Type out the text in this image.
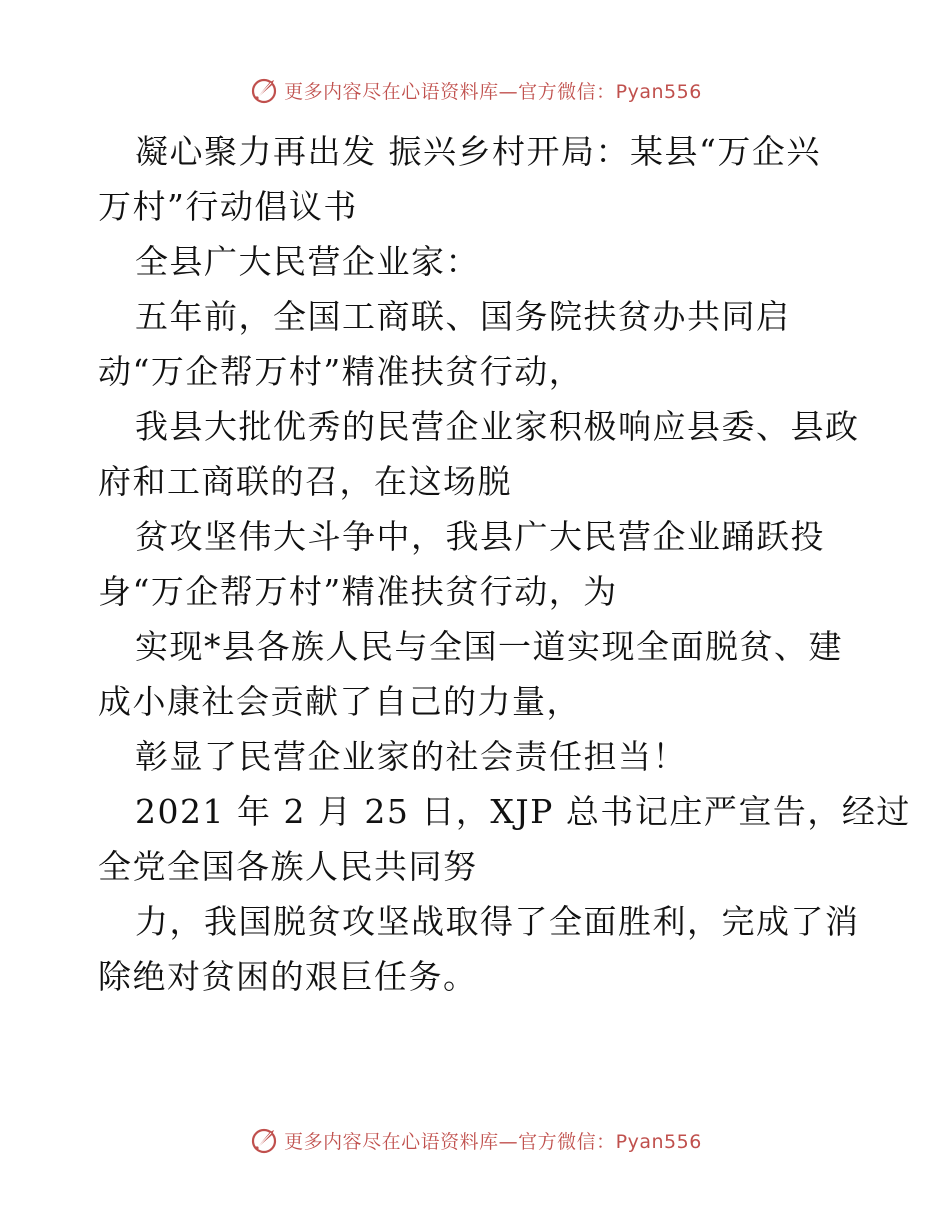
更多内容尽在心语资料库—官方微信：Pyan556
凝心聚力再出发 振兴乡村开局：某县“万企兴
万村”行动倡议书
全县广大民营企业家：
五年前，全国工商联、国务院扶贫办共同启
动“万企帮万村”精准扶贫行动，
我县大批优秀的民营企业家积极响应县委、县政
府和工商联的召，在这场脱
贫攻坚伟大斗争中，我县广大民营企业踊跃投
身“万企帮万村”精准扶贫行动，为
实现*县各族人民与全国一道实现全面脱贫、建
成小康社会贡献了自己的力量，
彰显了民营企业家的社会责任担当！
2021 年 2 月 25 日，XJP 总书记庄严宣告，经过
全党全国各族人民共同努
力，我国脱贫攻坚战取得了全面胜利，完成了消
除绝对贫困的艰巨任务。
更多内容尽在心语资料库—官方微信：Pyan556
